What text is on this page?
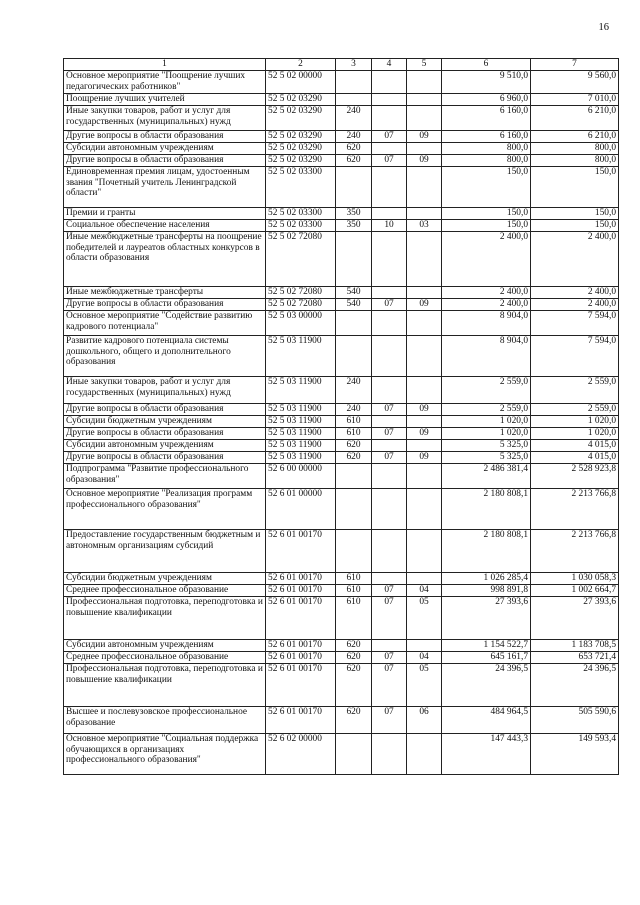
16
1	2	3	4	5	6	7
Основное мероприятие "Поощрение лучших педагогических работников"	52 5 02 00000				9 510,0	9 560,0
Поощрение лучших учителей	52 5 02 03290				6 960,0	7 010,0
Иные закупки товаров, работ и услуг для государственных (муниципальных) нужд	52 5 02 03290	240			6 160,0	6 210,0
Другие вопросы в области образования	52 5 02 03290	240	07	09	6 160,0	6 210,0
Субсидии автономным учреждениям	52 5 02 03290	620			800,0	800,0
Другие вопросы в области образования	52 5 02 03290	620	07	09	800,0	800,0
Единовременная премия лицам, удостоенным звания "Почетный учитель Ленинградской области"	52 5 02 03300				150,0	150,0
Премии и гранты	52 5 02 03300	350			150,0	150,0
Социальное обеспечение населения	52 5 02 03300	350	10	03	150,0	150,0
Иные межбюджетные трансферты на поощрение победителей и лауреатов областных конкурсов в области образования	52 5 02 72080				2 400,0	2 400,0
Иные межбюджетные трансферты	52 5 02 72080	540			2 400,0	2 400,0
Другие вопросы в области образования	52 5 02 72080	540	07	09	2 400,0	2 400,0
Основное мероприятие "Содействие развитию кадрового потенциала"	52 5 03 00000				8 904,0	7 594,0
Развитие кадрового потенциала системы дошкольного, общего и дополнительного образования	52 5 03 11900				8 904,0	7 594,0
Иные закупки товаров, работ и услуг для государственных (муниципальных) нужд	52 5 03 11900	240			2 559,0	2 559,0
Другие вопросы в области образования	52 5 03 11900	240	07	09	2 559,0	2 559,0
Субсидии бюджетным учреждениям	52 5 03 11900	610			1 020,0	1 020,0
Другие вопросы в области образования	52 5 03 11900	610	07	09	1 020,0	1 020,0
Субсидии автономным учреждениям	52 5 03 11900	620			5 325,0	4 015,0
Другие вопросы в области образования	52 5 03 11900	620	07	09	5 325,0	4 015,0
Подпрограмма "Развитие профессионального образования"	52 6 00 00000				2 486 381,4	2 528 923,8
Основное мероприятие "Реализация программ профессионального образования"	52 6 01 00000				2 180 808,1	2 213 766,8
Предоставление государственным бюджетным и автономным организациям субсидий	52 6 01 00170				2 180 808,1	2 213 766,8
Субсидии бюджетным учреждениям	52 6 01 00170	610			1 026 285,4	1 030 058,3
Среднее профессиональное образование	52 6 01 00170	610	07	04	998 891,8	1 002 664,7
Профессиональная подготовка, переподготовка и повышение квалификации	52 6 01 00170	610	07	05	27 393,6	27 393,6
Субсидии автономным учреждениям	52 6 01 00170	620			1 154 522,7	1 183 708,5
Среднее профессиональное образование	52 6 01 00170	620	07	04	645 161,7	653 721,4
Профессиональная подготовка, переподготовка и повышение квалификации	52 6 01 00170	620	07	05	24 396,5	24 396,5
Высшее и послевузовское профессиональное образование	52 6 01 00170	620	07	06	484 964,5	505 590,6
Основное мероприятие "Социальная поддержка обучающихся в организациях профессионального образования"	52 6 02 00000				147 443,3	149 593,4
